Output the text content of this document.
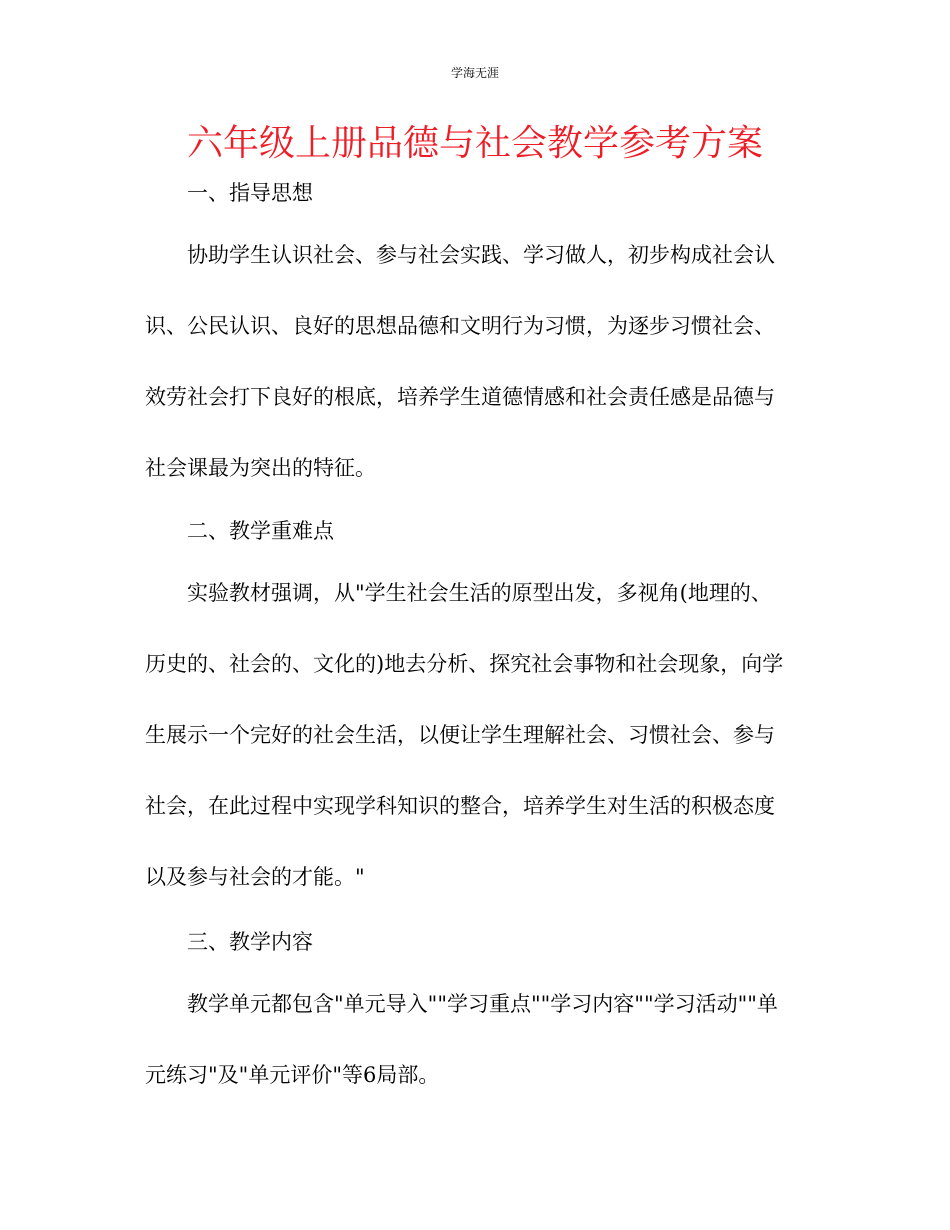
学海无涯
六年级上册品德与社会教学参考方案
一、指导思想
协助学生认识社会、参与社会实践、学习做人，初步构成社会认
识、公民认识、良好的思想品德和文明行为习惯，为逐步习惯社会、
效劳社会打下良好的根底，培养学生道德情感和社会责任感是品德与
社会课最为突出的特征。
二、教学重难点
实验教材强调，从"学生社会生活的原型出发，多视角(地理的、
历史的、社会的、文化的)地去分析、探究社会事物和社会现象，向学
生展示一个完好的社会生活，以便让学生理解社会、习惯社会、参与
社会，在此过程中实现学科知识的整合，培养学生对生活的积极态度
以及参与社会的才能。"
三、教学内容
教学单元都包含"单元导入""学习重点""学习内容""学习活动""单
元练习"及"单元评价"等6局部。
